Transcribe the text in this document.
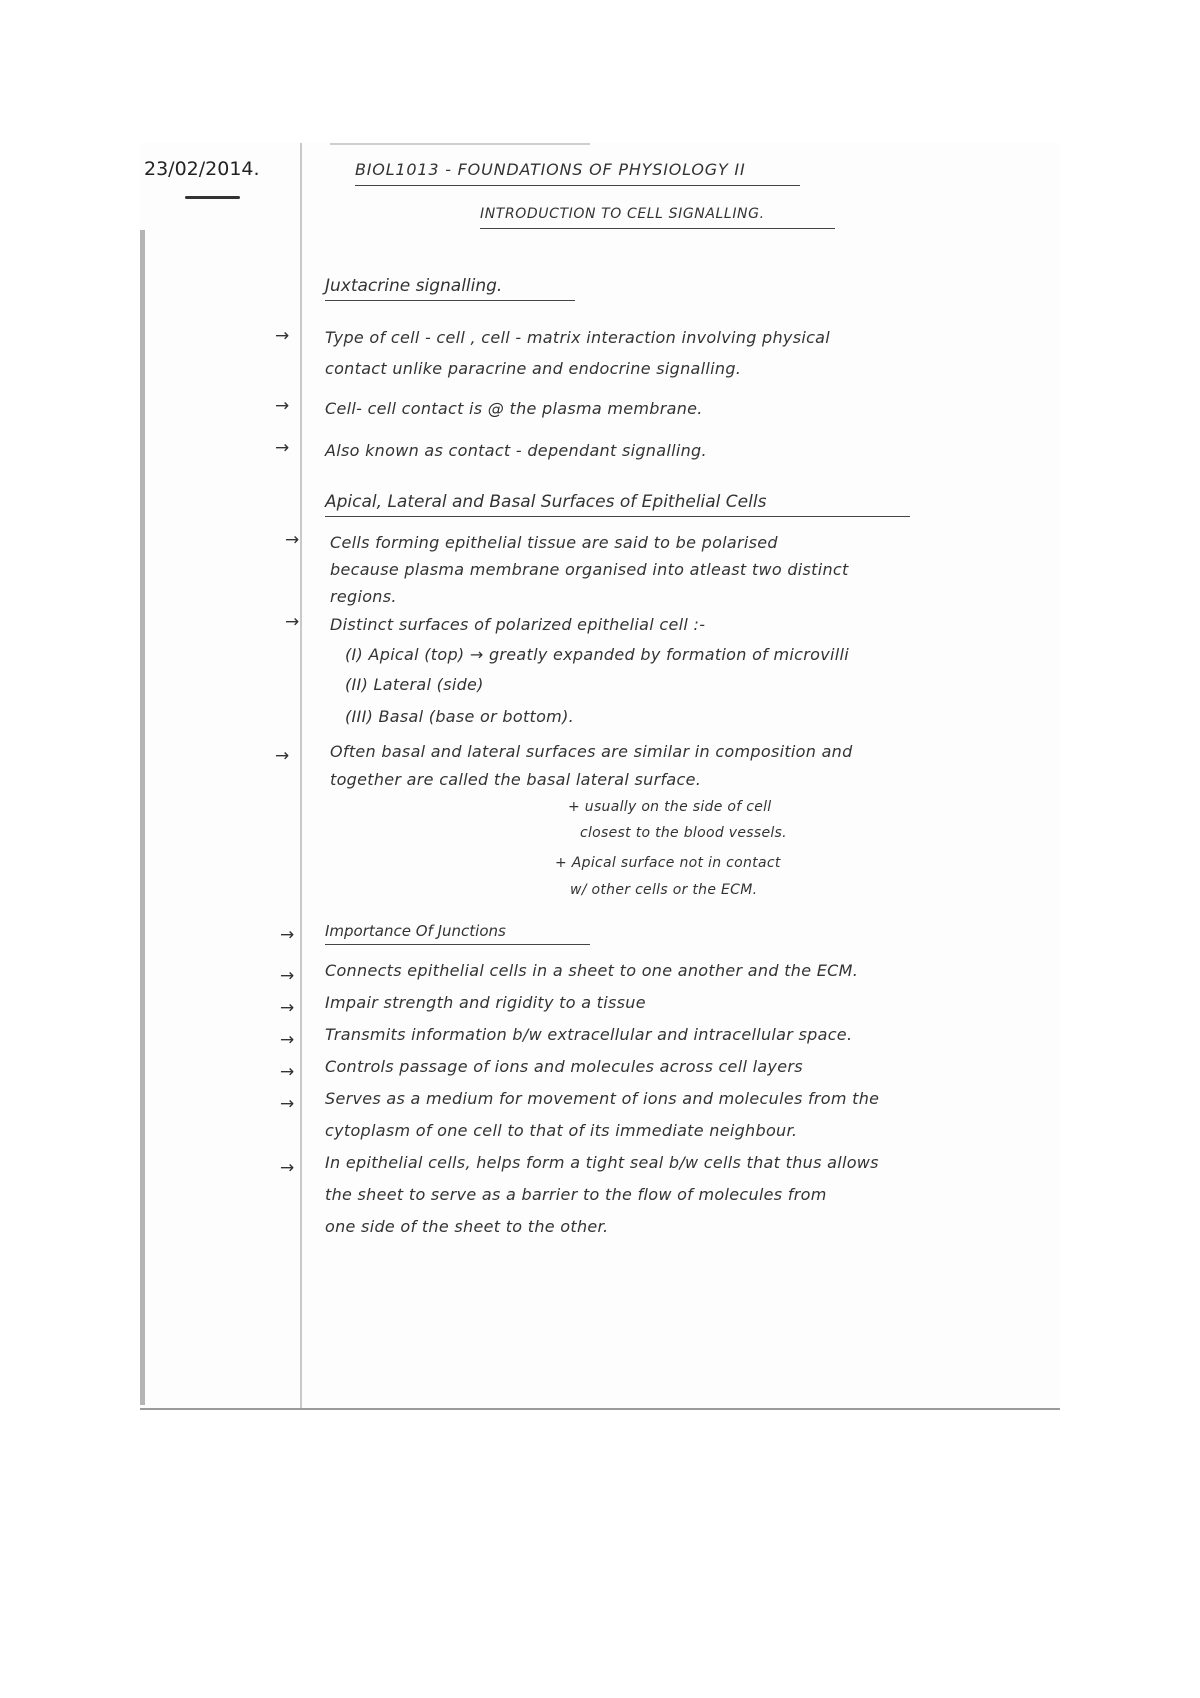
23/02/2014.	BIOL1013 - FOUNDATIONS OF PHYSIOLOGY II
INTRODUCTION TO CELL SIGNALLING.
Juxtacrine signalling.
→ Type of cell - cell , cell - matrix interaction involving physical
contact unlike paracrine and endocrine signalling.
→ Cell- cell contact is @ the plasma membrane.
→ Also known as contact - dependant signalling.
Apical, Lateral and Basal Surfaces of Epithelial Cells
→ Cells forming epithelial tissue are said to be polarised
because plasma membrane organised into atleast two distinct
regions.
→ Distinct surfaces of polarized epithelial cell :-
(I) Apical (top) → greatly expanded by formation of microvilli
(II) Lateral (side)
(III) Basal (base or bottom).
→	Often basal and lateral surfaces are similar in composition and
together are called the basal lateral surface.
+ usually on the side of cell
closest to the blood vessels.
+ Apical surface not in contact
w/ other cells or the ECM.
→ Importance Of Junctions
→ Connects epithelial cells in a sheet to one another and the ECM.
→ Impair strength and rigidity to a tissue
→ Transmits information b/w extracellular and intracellular space.
→ Controls passage of ions and molecules across cell layers
→ Serves as a medium for movement of ions and molecules from the
cytoplasm of one cell to that of its immediate neighbour.
→ In epithelial cells, helps form a tight seal b/w cells that thus allows
the sheet to serve as a barrier to the flow of molecules from
one side of the sheet to the other.
